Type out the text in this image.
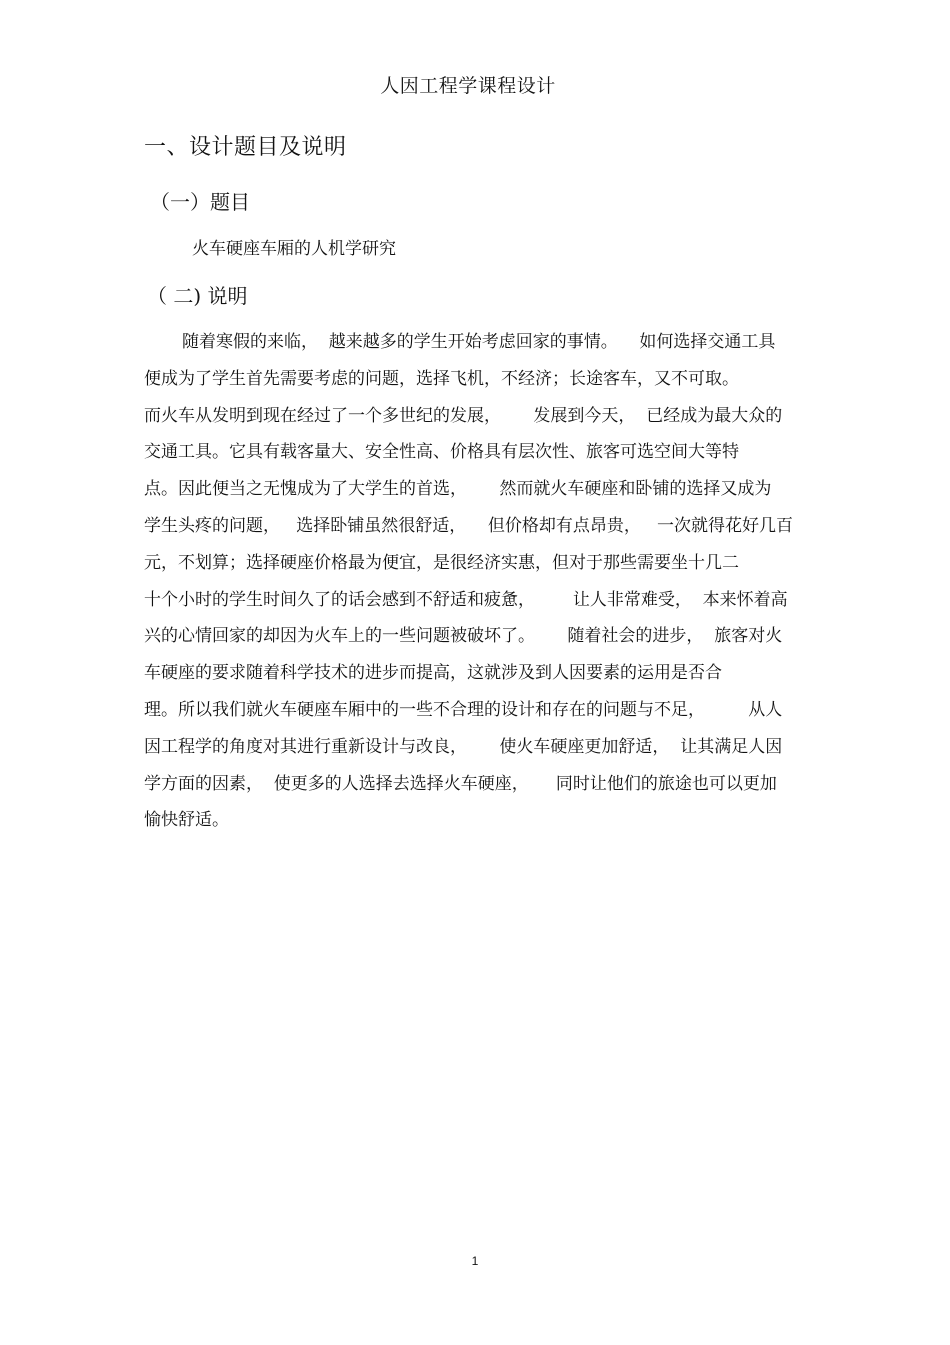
人因工程学课程设计
一、设计题目及说明
（一）题目
火车硬座车厢的人机学研究
（ 二) 说明
随着寒假的来临，  越来越多的学生开始考虑回家的事情。    如何选择交通工具
便成为了学生首先需要考虑的问题，选择飞机，不经济；长途客车，又不可取。
而火车从发明到现在经过了一个多世纪的发展，      发展到今天，  已经成为最大众的
交通工具。它具有载客量大、安全性高、价格具有层次性、旅客可选空间大等特
点。因此便当之无愧成为了大学生的首选，      然而就火车硬座和卧铺的选择又成为
学生头疼的问题，   选择卧铺虽然很舒适，    但价格却有点昂贵，   一次就得花好几百
元，不划算；选择硬座价格最为便宜，是很经济实惠，但对于那些需要坐十几二
十个小时的学生时间久了的话会感到不舒适和疲惫，       让人非常难受，  本来怀着高
兴的心情回家的却因为火车上的一些问题被破坏了。      随着社会的进步，  旅客对火
车硬座的要求随着科学技术的进步而提高，这就涉及到人因要素的运用是否合
理。所以我们就火车硬座车厢中的一些不合理的设计和存在的问题与不足，        从人
因工程学的角度对其进行重新设计与改良，      使火车硬座更加舒适，  让其满足人因
学方面的因素，  使更多的人选择去选择火车硬座，     同时让他们的旅途也可以更加
愉快舒适。
1
